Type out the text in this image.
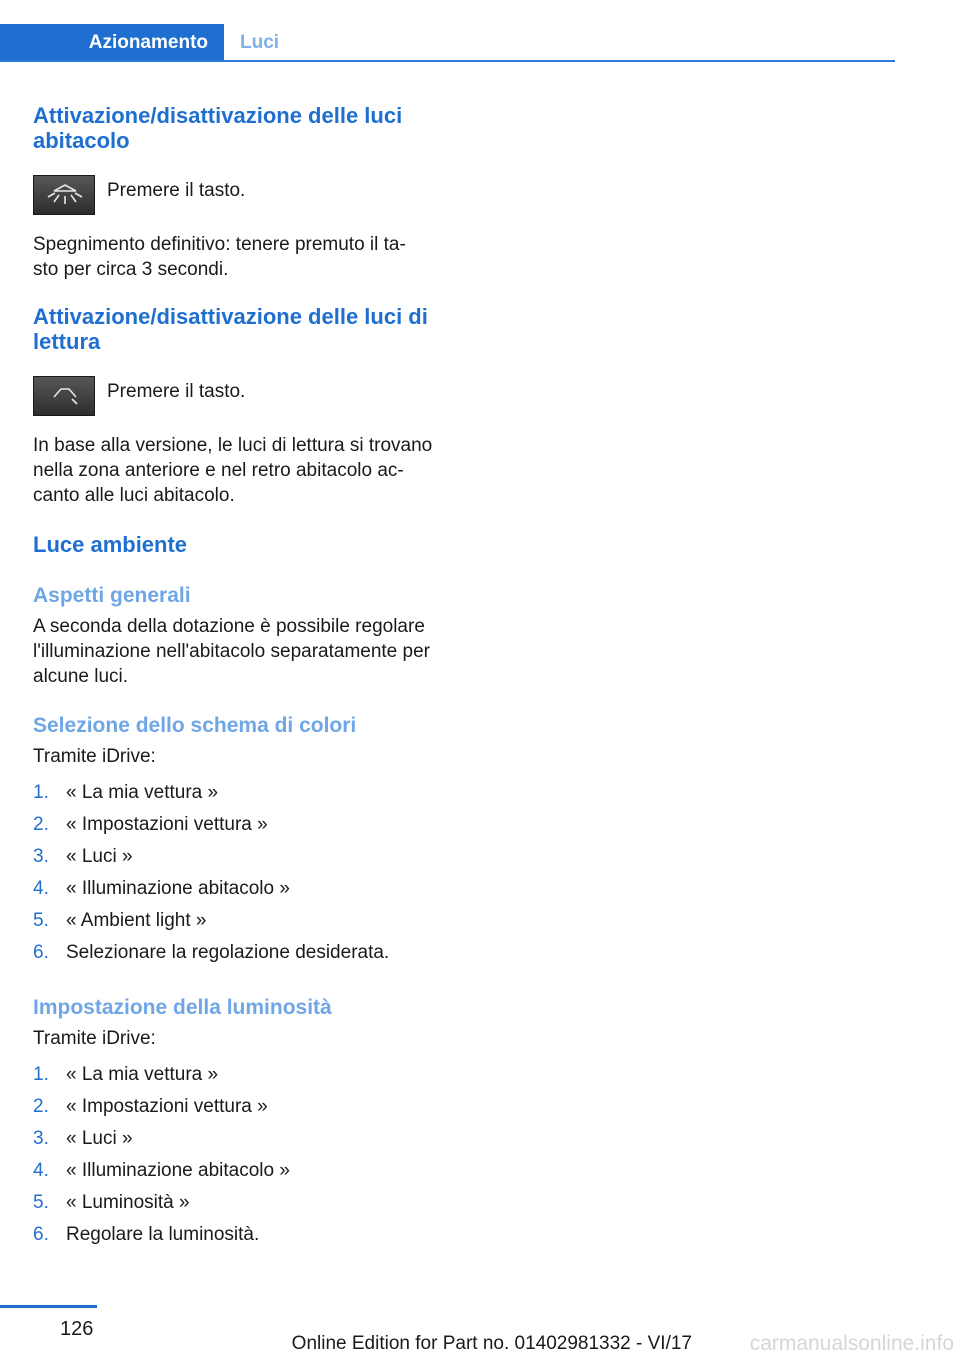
Azionamento	Luci
Attivazione/disattivazione delle luci abitacolo
Premere il tasto.

Spegnimento definitivo: tenere premuto il ta- sto per circa 3 secondi.

Attivazione/disattivazione delle luci di lettura
Premere il tasto.

In base alla versione, le luci di lettura si trovano nella zona anteriore e nel retro abitacolo ac- canto alle luci abitacolo.

Luce ambiente
Aspetti generali

A seconda della dotazione è possibile regolare l'illuminazione nell'abitacolo separatamente per alcune luci.

Selezione dello schema di colori

Tramite iDrive:

1. « La mia vettura »
2. « Impostazioni vettura »
3. « Luci »
4. « Illuminazione abitacolo »
5. « Ambient light »
6. Selezionare la regolazione desiderata.
Impostazione della luminosità

Tramite iDrive:

1. « La mia vettura »
2. « Impostazioni vettura »
3. « Luci »
4. « Illuminazione abitacolo »
5. « Luminosità »
6. Regolare la luminosità.
126
Online Edition for Part no. 01402981332 - VI/17	carmanualsonline.info
